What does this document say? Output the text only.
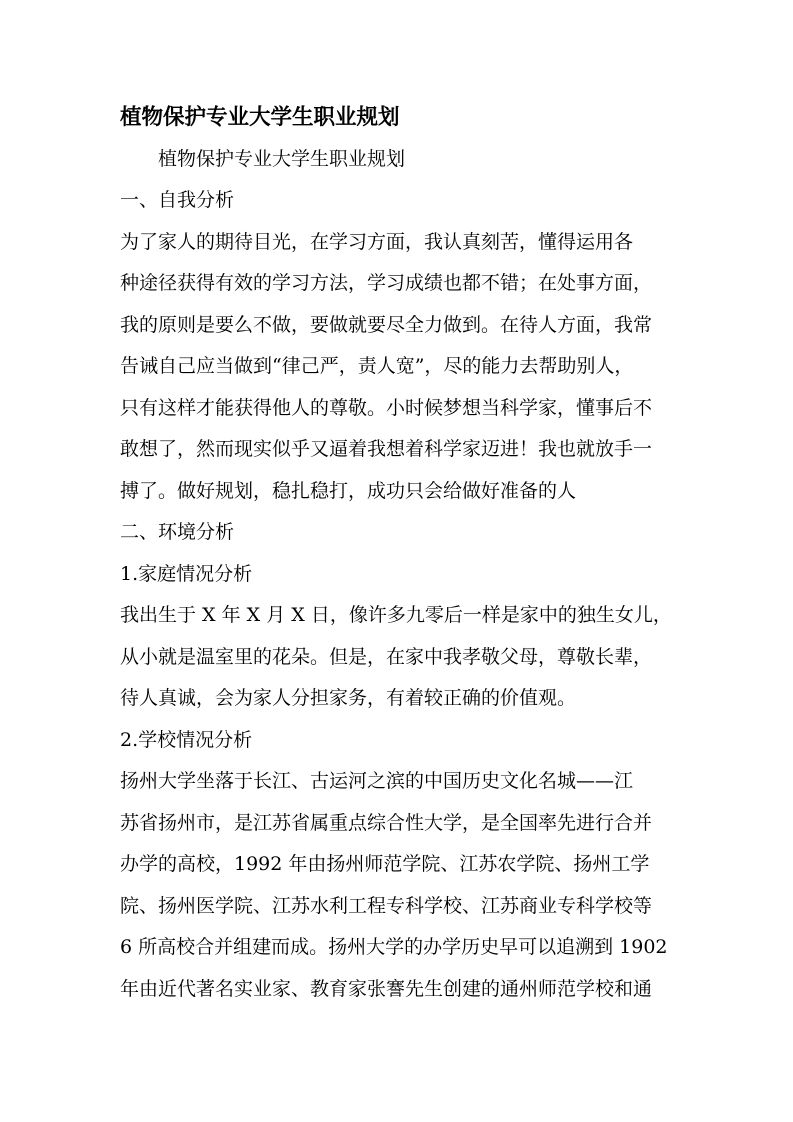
植物保护专业大学生职业规划
　　植物保护专业大学生职业规划
一、自我分析
为了家人的期待目光，在学习方面，我认真刻苦，懂得运用各
种途径获得有效的学习方法，学习成绩也都不错；在处事方面，
我的原则是要么不做，要做就要尽全力做到。在待人方面，我常
告诫自己应当做到“律己严，责人宽”，尽的能力去帮助别人，
只有这样才能获得他人的尊敬。小时候梦想当科学家，懂事后不
敢想了，然而现实似乎又逼着我想着科学家迈进！我也就放手一
搏了。做好规划，稳扎稳打，成功只会给做好准备的人
二、环境分析
1.家庭情况分析
我出生于 X 年 X 月 X 日，像许多九零后一样是家中的独生女儿，
从小就是温室里的花朵。但是，在家中我孝敬父母，尊敬长辈，
待人真诚，会为家人分担家务，有着较正确的价值观。
2.学校情况分析
扬州大学坐落于长江、古运河之滨的中国历史文化名城——江
苏省扬州市，是江苏省属重点综合性大学，是全国率先进行合并
办学的高校，1992 年由扬州师范学院、江苏农学院、扬州工学
院、扬州医学院、江苏水利工程专科学校、江苏商业专科学校等
6 所高校合并组建而成。扬州大学的办学历史早可以追溯到 1902
年由近代著名实业家、教育家张謇先生创建的通州师范学校和通
